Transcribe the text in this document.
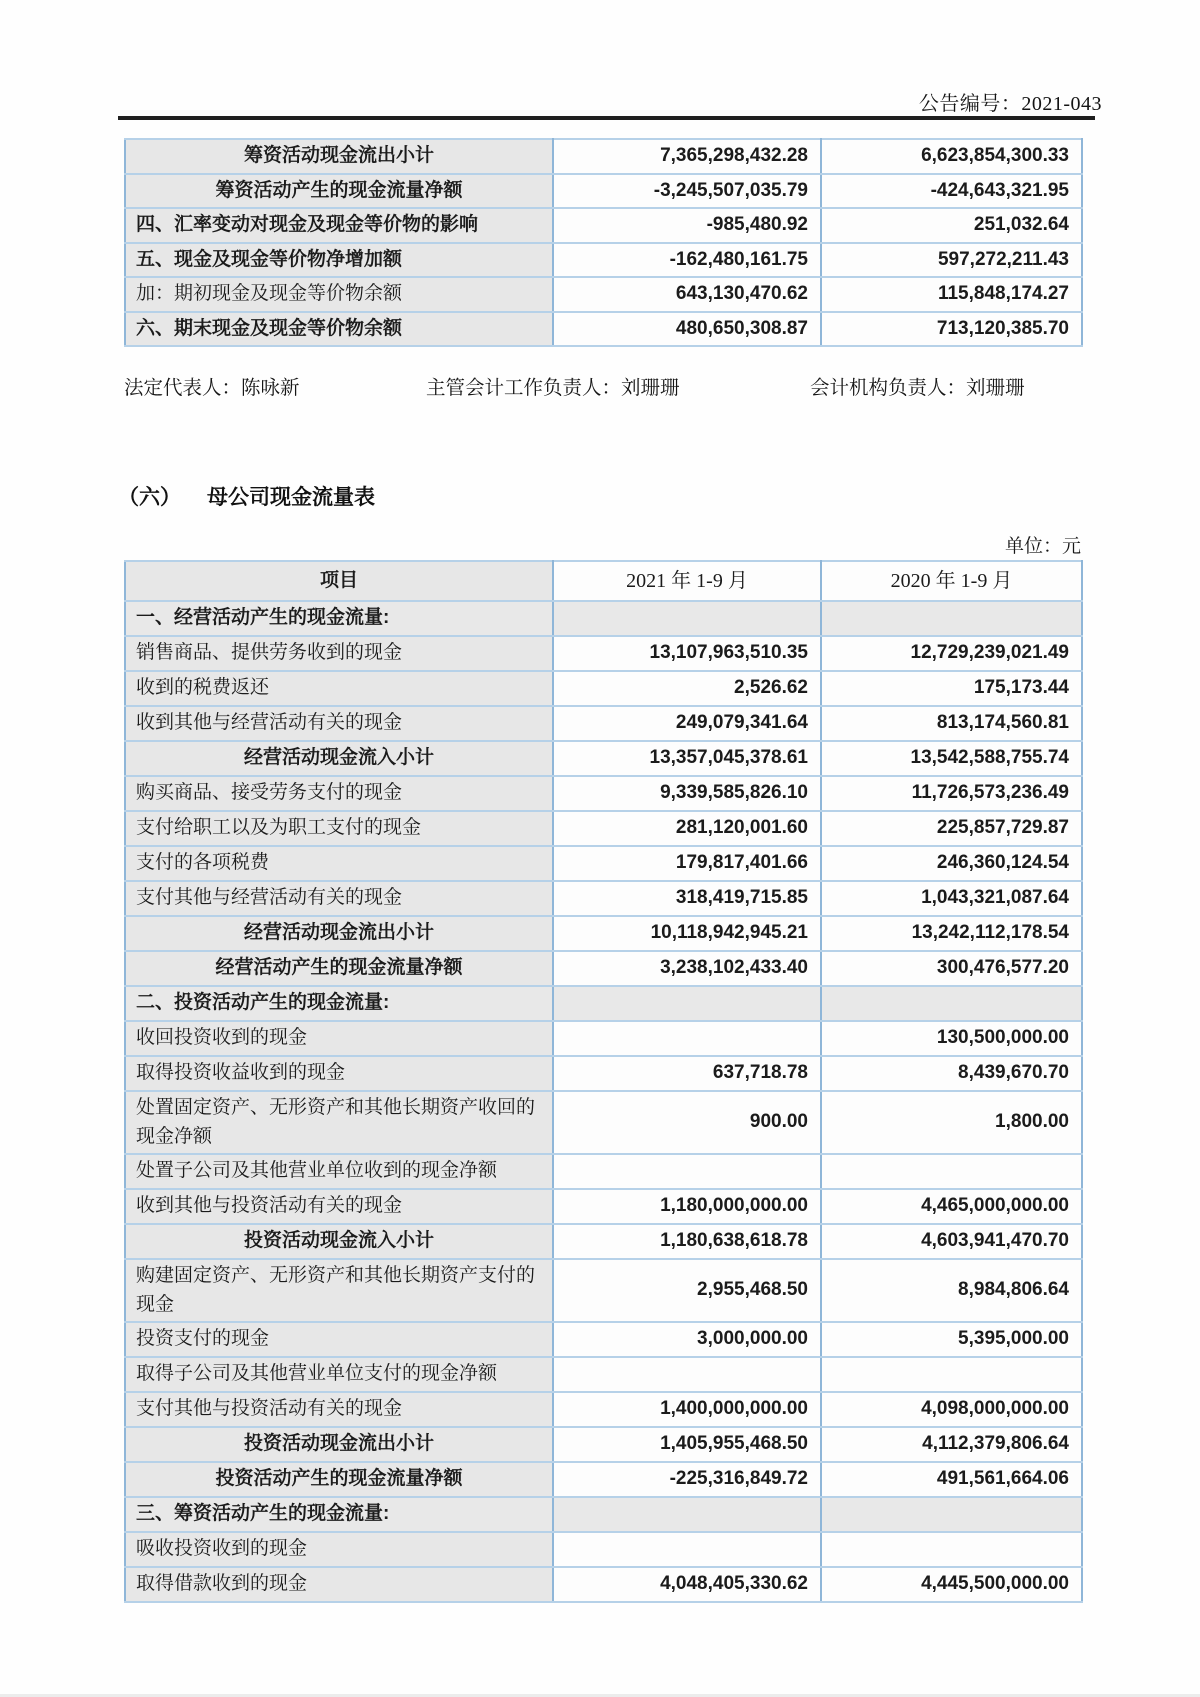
公告编号：2021-043
筹资活动现金流出小计	7,365,298,432.28	6,623,854,300.33
筹资活动产生的现金流量净额	-3,245,507,035.79	-424,643,321.95
四、汇率变动对现金及现金等价物的影响	-985,480.92	251,032.64
五、现金及现金等价物净增加额	-162,480,161.75	597,272,211.43
加：期初现金及现金等价物余额	643,130,470.62	115,848,174.27
六、期末现金及现金等价物余额	480,650,308.87	713,120,385.70
法定代表人：陈咏新	主管会计工作负责人：刘珊珊	会计机构负责人：刘珊珊
（六） 母公司现金流量表
单位：元
项目	2021 年 1-9 月	2020 年 1-9 月
一、经营活动产生的现金流量:		
销售商品、提供劳务收到的现金	13,107,963,510.35	12,729,239,021.49
收到的税费返还	2,526.62	175,173.44
收到其他与经营活动有关的现金	249,079,341.64	813,174,560.81
经营活动现金流入小计	13,357,045,378.61	13,542,588,755.74
购买商品、接受劳务支付的现金	9,339,585,826.10	11,726,573,236.49
支付给职工以及为职工支付的现金	281,120,001.60	225,857,729.87
支付的各项税费	179,817,401.66	246,360,124.54
支付其他与经营活动有关的现金	318,419,715.85	1,043,321,087.64
经营活动现金流出小计	10,118,942,945.21	13,242,112,178.54
经营活动产生的现金流量净额	3,238,102,433.40	300,476,577.20
二、投资活动产生的现金流量:		
收回投资收到的现金		130,500,000.00
取得投资收益收到的现金	637,718.78	8,439,670.70
处置固定资产、无形资产和其他长期资产收回的现金净额	900.00	1,800.00
处置子公司及其他营业单位收到的现金净额		
收到其他与投资活动有关的现金	1,180,000,000.00	4,465,000,000.00
投资活动现金流入小计	1,180,638,618.78	4,603,941,470.70
购建固定资产、无形资产和其他长期资产支付的现金	2,955,468.50	8,984,806.64
投资支付的现金	3,000,000.00	5,395,000.00
取得子公司及其他营业单位支付的现金净额		
支付其他与投资活动有关的现金	1,400,000,000.00	4,098,000,000.00
投资活动现金流出小计	1,405,955,468.50	4,112,379,806.64
投资活动产生的现金流量净额	-225,316,849.72	491,561,664.06
三、筹资活动产生的现金流量:		
吸收投资收到的现金		
取得借款收到的现金	4,048,405,330.62	4,445,500,000.00
